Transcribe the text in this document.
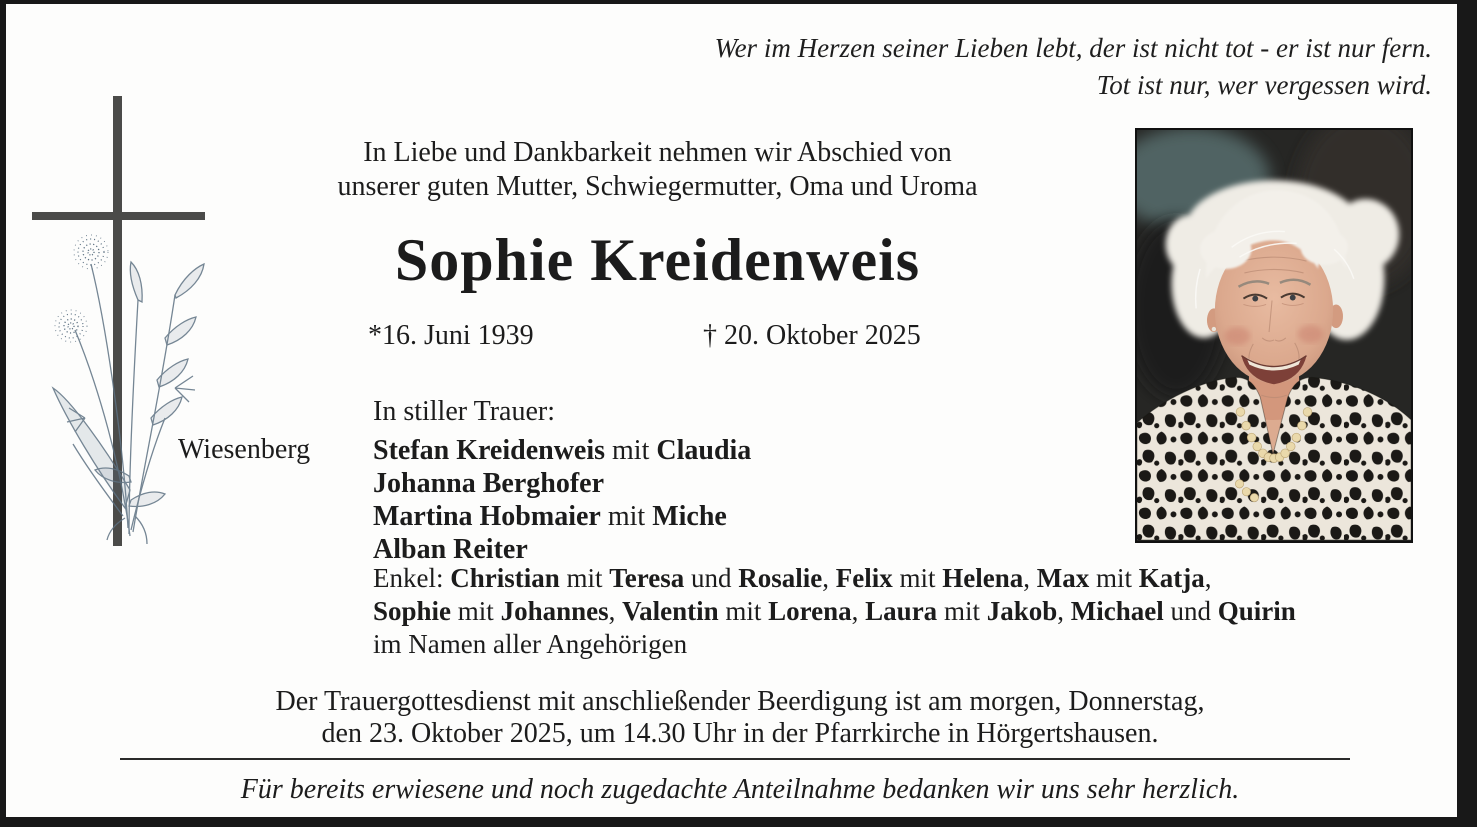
Wer im Herzen seiner Lieben lebt, der ist nicht tot - er ist nur fern.
Tot ist nur, wer vergessen wird.
In Liebe und Dankbarkeit nehmen wir Abschied von
unserer guten Mutter, Schwiegermutter, Oma und Uroma
Sophie Kreidenweis
*16. Juni 1939	† 20. Oktober 2025
In stiller Trauer:
Wiesenberg Stefan Kreidenweis mit Claudia
Johanna Berghofer
Martina Hobmaier mit Miche
Alban Reiter
Enkel: Christian mit Teresa und Rosalie, Felix mit Helena, Max mit Katja,
Sophie mit Johannes, Valentin mit Lorena, Laura mit Jakob, Michael und Quirin
im Namen aller Angehörigen
Der Trauergottesdienst mit anschließender Beerdigung ist am morgen, Donnerstag,
den 23. Oktober 2025, um 14.30 Uhr in der Pfarrkirche in Hörgertshausen.
Für bereits erwiesene und noch zugedachte Anteilnahme bedanken wir uns sehr herzlich.
